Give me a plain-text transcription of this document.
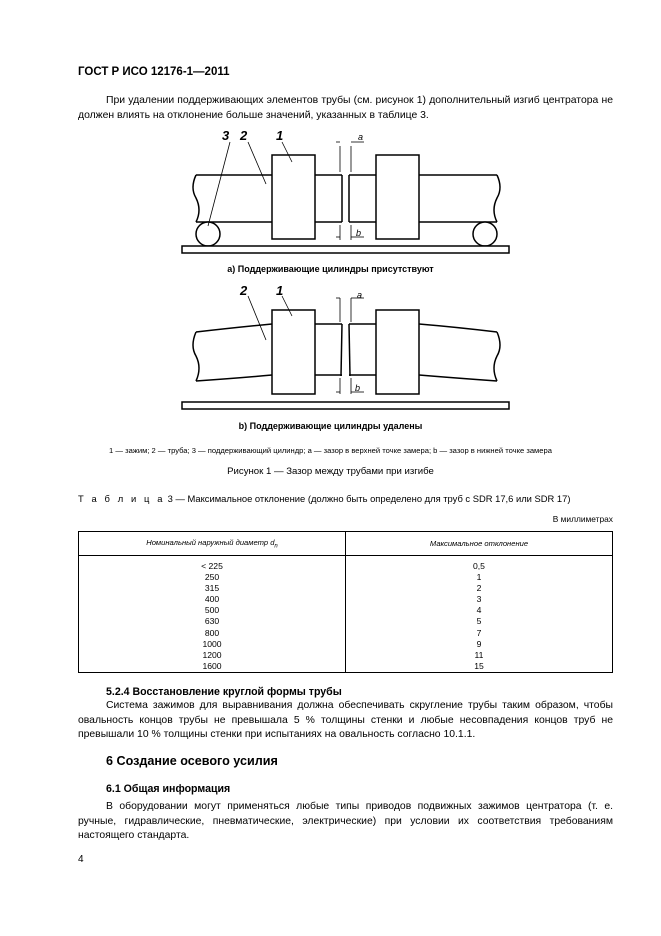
ГОСТ Р ИСО 12176-1—2011
При удалении поддерживающих элементов трубы (см. рисунок 1) дополнительный изгиб центратора не должен влиять на отклонение больше значений, указанных в таблице 3.
3 2 1	a
b
a) Поддерживающие цилиндры присутствуют
2 1	a
b
b) Поддерживающие цилиндры удалены
1 — зажим; 2 — труба; 3 — поддерживающий цилиндр; a — зазор в верхней точке замера; b — зазор в нижней точке замера
Рисунок 1 — Зазор между трубами при изгибе
Т а б л и ц а 3 — Максимальное отклонение (должно быть определено для труб с SDR 17,6 или SDR 17)
В миллиметрах
Номинальный наружный диаметр $d_n$	Максимальное отклонение
< 225	0,5
250	1
315	2
400	3
500	4
630	5
800	7
1000	9
1200	11
1600	15
5.2.4 Восстановление круглой формы трубы
Система зажимов для выравнивания должна обеспечивать скругление трубы таким образом, чтобы овальность концов трубы не превышала 5 % толщины стенки и любые несовпадения концов труб не превышали 10 % толщины стенки при испытаниях на овальность согласно 10.1.1.
6 Создание осевого усилия
6.1 Общая информация
В оборудовании могут применяться любые типы приводов подвижных зажимов центратора (т. е. ручные, гидравлические, пневматические, электрические) при условии их соответствия требованиям настоящего стандарта.
4
